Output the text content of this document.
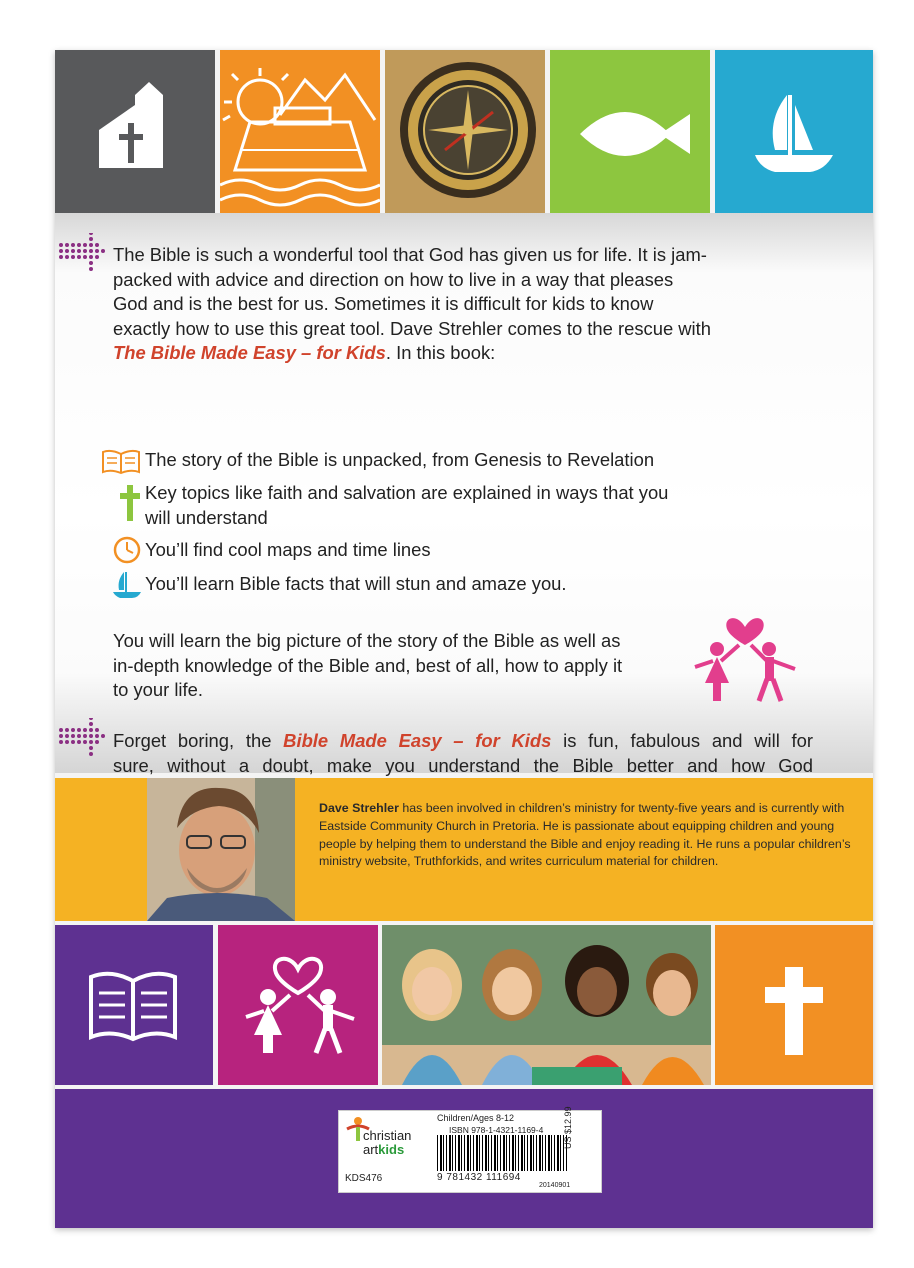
The Bible is such a wonderful tool that God has given us for life. It is jam-
packed with advice and direction on how to live in a way that pleases
God and is the best for us. Sometimes it is difficult for kids to know
exactly how to use this great tool. Dave Strehler comes to the rescue with
The Bible Made Easy – for Kids. In this book:
The story of the Bible is unpacked, from Genesis to Revelation
Key topics like faith and salvation are explained in ways that you
will understand
You’ll find cool maps and time lines
You’ll learn Bible facts that will stun and amaze you.
You will learn the big picture of the story of the Bible as well as
in-depth knowledge of the Bible and, best of all, how to apply it
to your life.
Forget boring, the Bible Made Easy – for Kids is fun, fabulous and will for
sure, without a doubt, make you understand the Bible better and how God
Dave Strehler has been involved in children’s ministry for twenty-five years and is currently with Eastside Community Church in Pretoria. He is passionate about equipping children and young people by helping them to understand the Bible and enjoy reading it. He runs a popular children’s ministry website, Truthforkids, and writes curriculum material for children.
christian
artkids
KDS476
Children/Ages 8-12
ISBN 978-1-4321-1169-4
9 781432 111694
20140901
US $12.99
